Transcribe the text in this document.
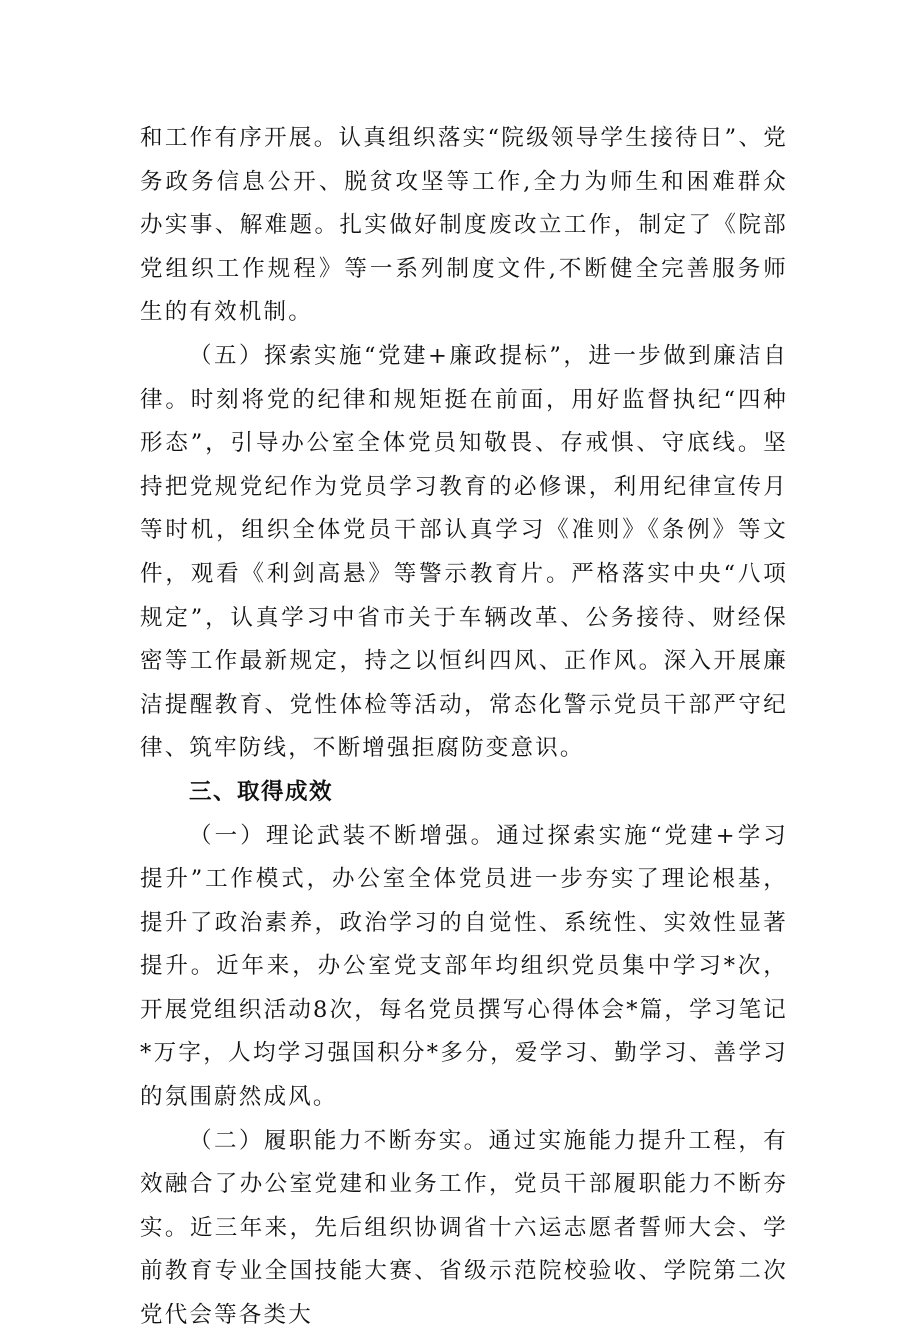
和工作有序开展。认真组织落实“院级领导学生接待日”、党务政务信息公开、脱贫攻坚等工作,全力为师生和困难群众办实事、解难题。扎实做好制度废改立工作，制定了《院部党组织工作规程》等一系列制度文件,不断健全完善服务师生的有效机制。

（五）探索实施“党建+廉政提标”，进一步做到廉洁自律。时刻将党的纪律和规矩挺在前面，用好监督执纪“四种形态”，引导办公室全体党员知敬畏、存戒惧、守底线。坚持把党规党纪作为党员学习教育的必修课，利用纪律宣传月等时机，组织全体党员干部认真学习《准则》《条例》等文件，观看《利剑高悬》等警示教育片。严格落实中央“八项规定”，认真学习中省市关于车辆改革、公务接待、财经保密等工作最新规定，持之以恒纠四风、正作风。深入开展廉洁提醒教育、党性体检等活动，常态化警示党员干部严守纪律、筑牢防线，不断增强拒腐防变意识。

三、取得成效

（一）理论武装不断增强。通过探索实施“党建+学习提升”工作模式，办公室全体党员进一步夯实了理论根基，提升了政治素养，政治学习的自觉性、系统性、实效性显著提升。近年来，办公室党支部年均组织党员集中学习*次，开展党组织活动8次，每名党员撰写心得体会*篇，学习笔记*万字，人均学习强国积分*多分，爱学习、勤学习、善学习的氛围蔚然成风。

（二）履职能力不断夯实。通过实施能力提升工程，有效融合了办公室党建和业务工作，党员干部履职能力不断夯实。近三年来，先后组织协调省十六运志愿者誓师大会、学前教育专业全国技能大赛、省级示范院校验收、学院第二次党代会等各类大
